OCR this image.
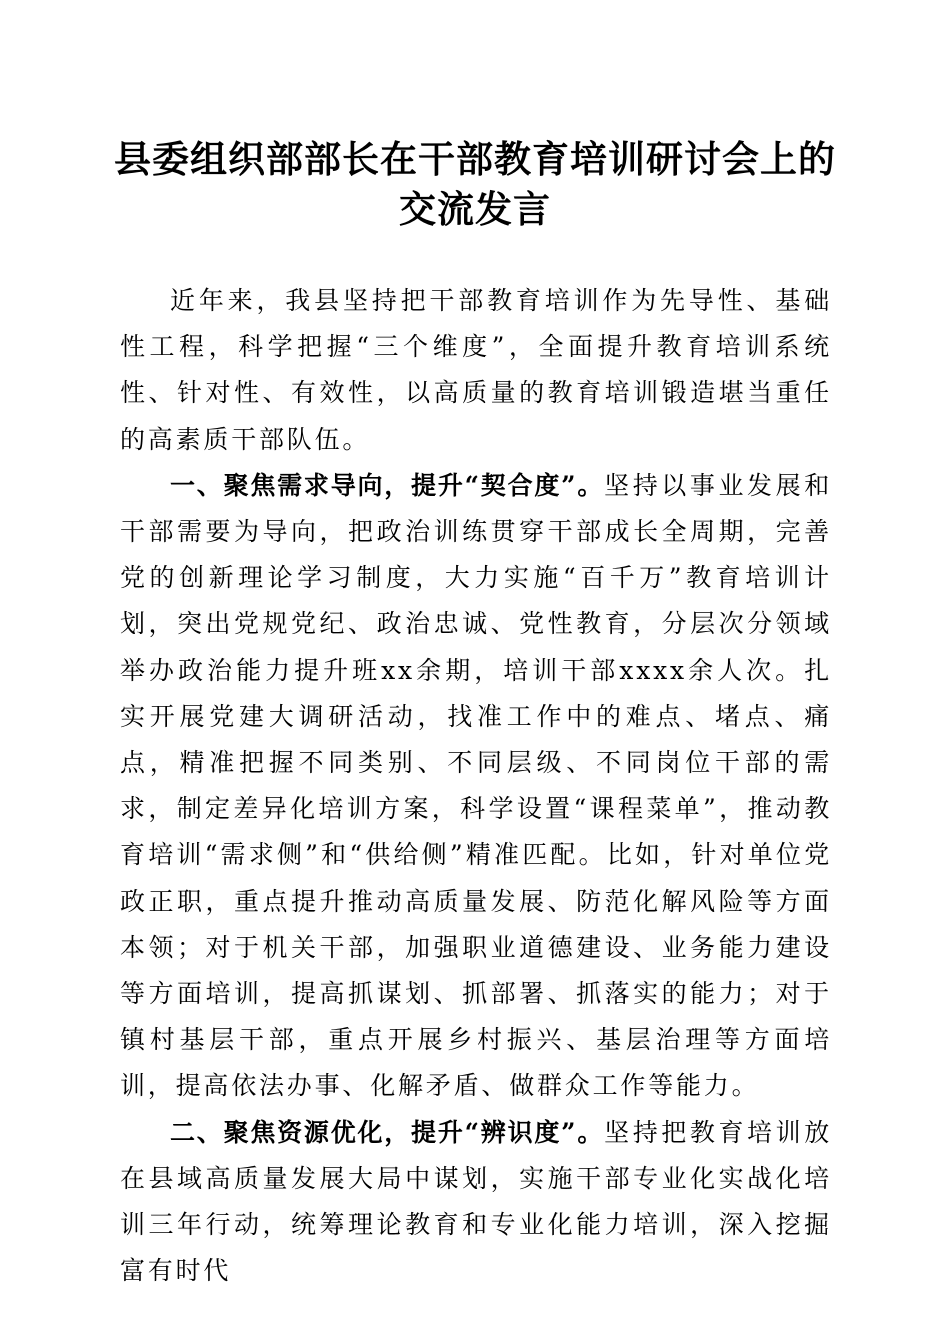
县委组织部部长在干部教育培训研讨会上的交流发言

近年来，我县坚持把干部教育培训作为先导性、基础性工程，科学把握“三个维度”，全面提升教育培训系统性、针对性、有效性，以高质量的教育培训锻造堪当重任的高素质干部队伍。

一、聚焦需求导向，提升“契合度”。坚持以事业发展和干部需要为导向，把政治训练贯穿干部成长全周期，完善党的创新理论学习制度，大力实施“百千万”教育培训计划，突出党规党纪、政治忠诚、党性教育，分层次分领域举办政治能力提升班xx余期，培训干部xxxx余人次。扎实开展党建大调研活动，找准工作中的难点、堵点、痛点，精准把握不同类别、不同层级、不同岗位干部的需求，制定差异化培训方案，科学设置“课程菜单”，推动教育培训“需求侧”和“供给侧”精准匹配。比如，针对单位党政正职，重点提升推动高质量发展、防范化解风险等方面本领；对于机关干部，加强职业道德建设、业务能力建设等方面培训，提高抓谋划、抓部署、抓落实的能力；对于镇村基层干部，重点开展乡村振兴、基层治理等方面培训，提高依法办事、化解矛盾、做群众工作等能力。

二、聚焦资源优化，提升“辨识度”。坚持把教育培训放在县域高质量发展大局中谋划，实施干部专业化实战化培训三年行动，统筹理论教育和专业化能力培训，深入挖掘富有时代
